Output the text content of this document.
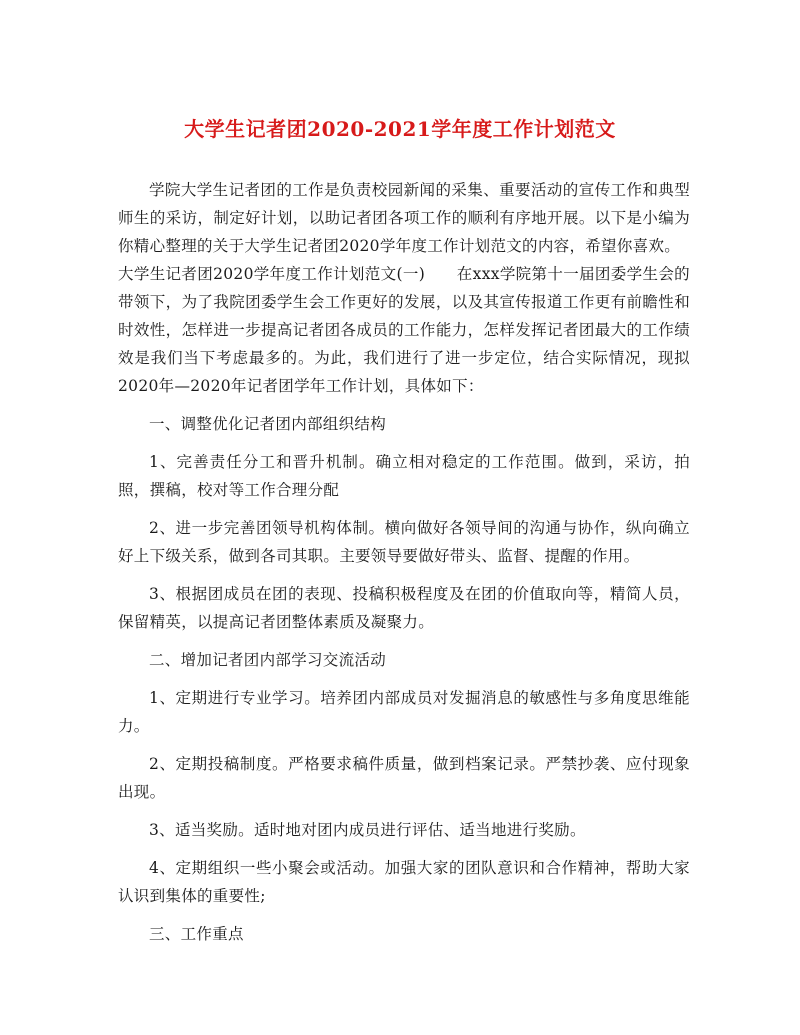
大学生记者团2020-2021学年度工作计划范文

学院大学生记者团的工作是负责校园新闻的采集、重要活动的宣传工作和典型师生的采访，制定好计划，以助记者团各项工作的顺利有序地开展。以下是小编为你精心整理的关于大学生记者团2020学年度工作计划范文的内容，希望你喜欢。

大学生记者团2020学年度工作计划范文(一)　　在xxx学院第十一届团委学生会的带领下，为了我院团委学生会工作更好的发展，以及其宣传报道工作更有前瞻性和时效性，怎样进一步提高记者团各成员的工作能力，怎样发挥记者团最大的工作绩效是我们当下考虑最多的。为此，我们进行了进一步定位，结合实际情况，现拟2020年—2020年记者团学年工作计划，具体如下：

一、调整优化记者团内部组织结构

1、完善责任分工和晋升机制。确立相对稳定的工作范围。做到，采访，拍照，撰稿，校对等工作合理分配

2、进一步完善团领导机构体制。横向做好各领导间的沟通与协作，纵向确立好上下级关系，做到各司其职。主要领导要做好带头、监督、提醒的作用。

3、根据团成员在团的表现、投稿积极程度及在团的价值取向等，精简人员，保留精英，以提高记者团整体素质及凝聚力。

二、增加记者团内部学习交流活动

1、定期进行专业学习。培养团内部成员对发掘消息的敏感性与多角度思维能力。

2、定期投稿制度。严格要求稿件质量，做到档案记录。严禁抄袭、应付现象出现。

3、适当奖励。适时地对团内成员进行评估、适当地进行奖励。

4、定期组织一些小聚会或活动。加强大家的团队意识和合作精神，帮助大家认识到集体的重要性;

三、工作重点
